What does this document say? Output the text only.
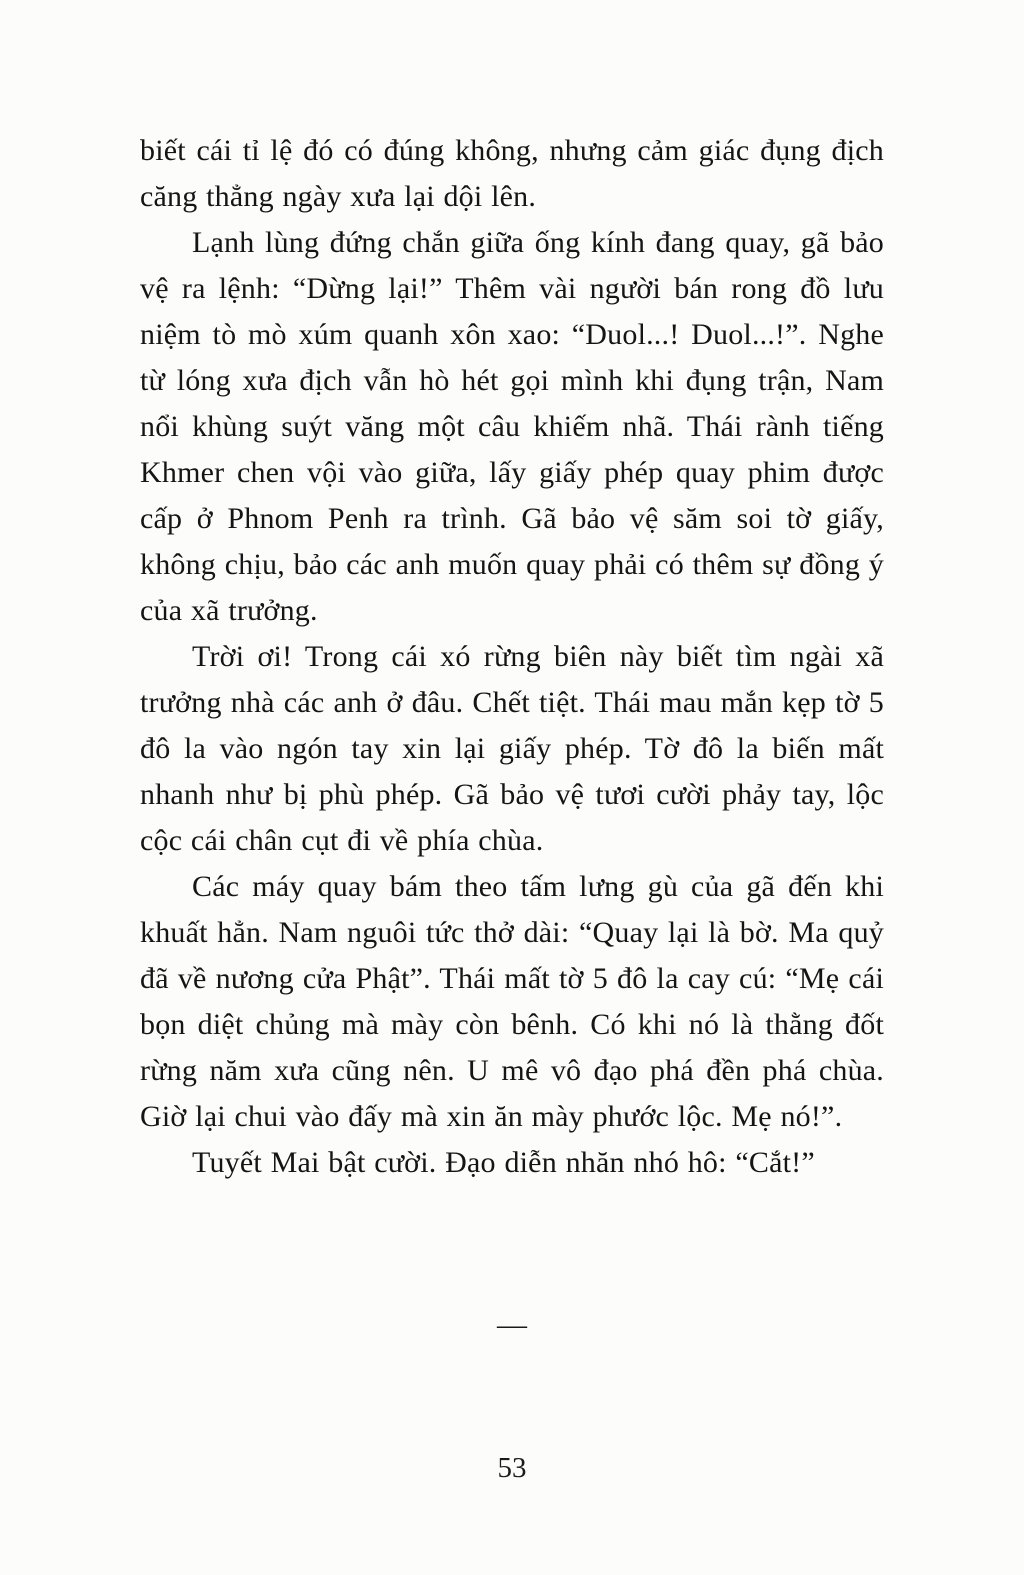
biết cái tỉ lệ đó có đúng không, nhưng cảm giác đụng địch căng thẳng ngày xưa lại dội lên.

Lạnh lùng đứng chắn giữa ống kính đang quay, gã bảo vệ ra lệnh: “Dừng lại!” Thêm vài người bán rong đồ lưu niệm tò mò xúm quanh xôn xao: “Duol...! Duol...!”. Nghe từ lóng xưa địch vẫn hò hét gọi mình khi đụng trận, Nam nổi khùng suýt văng một câu khiếm nhã. Thái rành tiếng Khmer chen vội vào giữa, lấy giấy phép quay phim được cấp ở Phnom Penh ra trình. Gã bảo vệ săm soi tờ giấy, không chịu, bảo các anh muốn quay phải có thêm sự đồng ý của xã trưởng.

Trời ơi! Trong cái xó rừng biên này biết tìm ngài xã trưởng nhà các anh ở đâu. Chết tiệt. Thái mau mắn kẹp tờ 5 đô la vào ngón tay xin lại giấy phép. Tờ đô la biến mất nhanh như bị phù phép. Gã bảo vệ tươi cười phảy tay, lộc cộc cái chân cụt đi về phía chùa.

Các máy quay bám theo tấm lưng gù của gã đến khi khuất hẳn. Nam nguôi tức thở dài: “Quay lại là bờ. Ma quỷ đã về nương cửa Phật”. Thái mất tờ 5 đô la cay cú: “Mẹ cái bọn diệt chủng mà mày còn bênh. Có khi nó là thằng đốt rừng năm xưa cũng nên. U mê vô đạo phá đền phá chùa. Giờ lại chui vào đấy mà xin ăn mày phước lộc. Mẹ nó!”.

Tuyết Mai bật cười. Đạo diễn nhăn nhó hô: “Cắt!”

—
53
